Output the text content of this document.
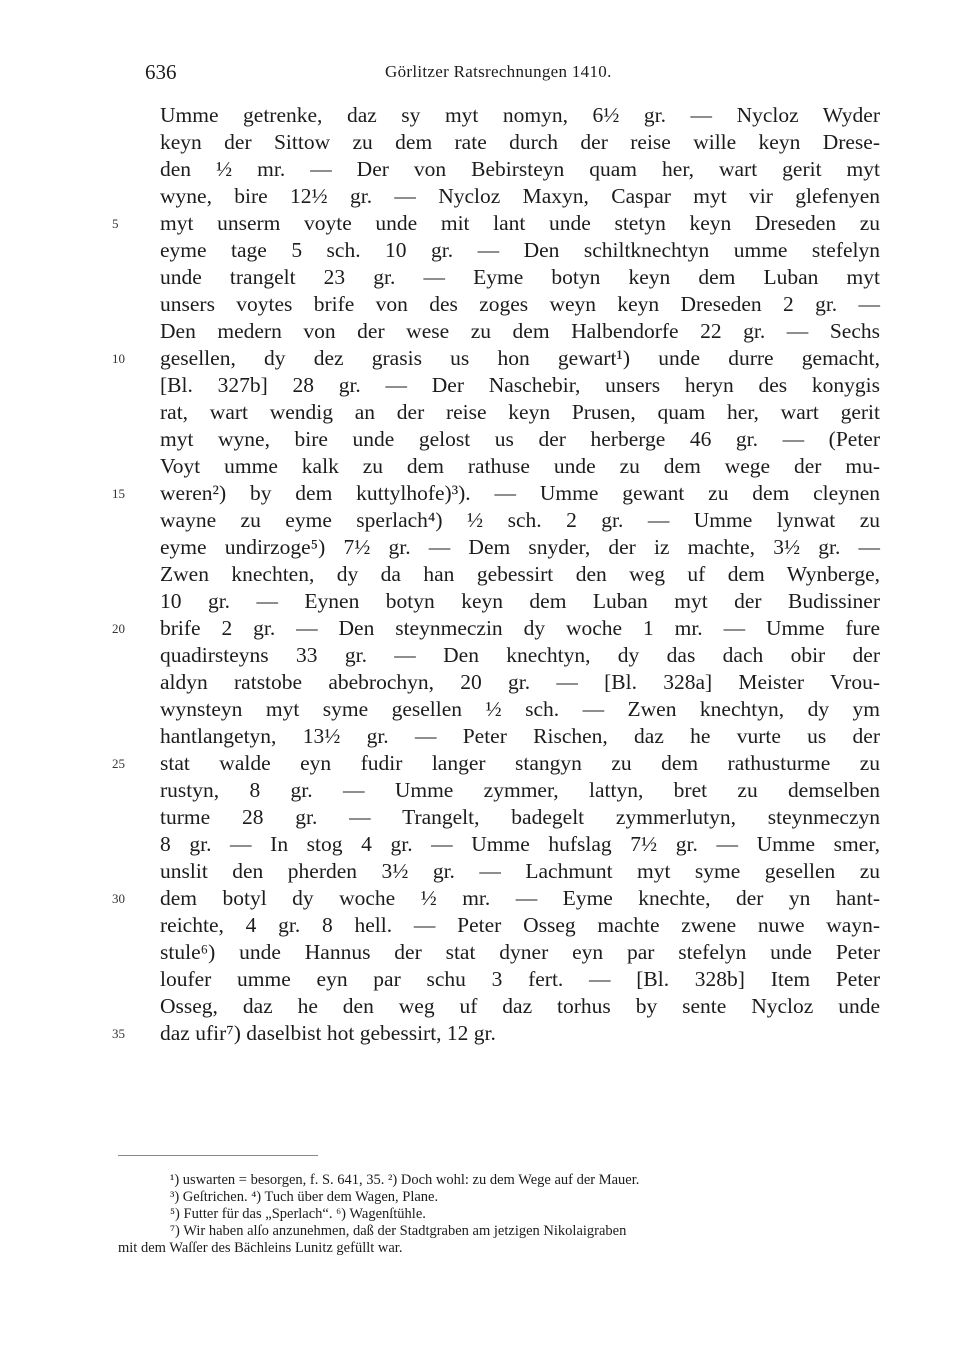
636	Görlitzer Ratsrechnungen 1410.
Umme getrenke, daz sy myt nomyn, 6½ gr. — Nycloz Wyder
keyn der Sittow zu dem rate durch der reise wille keyn Drese-
den ½ mr. — Der von Bebirsteyn quam her, wart gerit myt
wyne, bire 12½ gr. — Nycloz Maxyn, Caspar myt vir glefenyen
5	myt unserm voyte unde mit lant unde stetyn keyn Dreseden zu
eyme tage 5 sch. 10 gr. — Den schiltknechtyn umme stefelyn
unde trangelt 23 gr. — Eyme botyn keyn dem Luban myt
unsers voytes brife von des zoges weyn keyn Dreseden 2 gr. —
Den medern von der wese zu dem Halbendorfe 22 gr. — Sechs
10	gesellen, dy dez grasis us hon gewart¹) unde durre gemacht,
[Bl. 327b] 28 gr. — Der Naschebir, unsers heryn des konygis
rat, wart wendig an der reise keyn Prusen, quam her, wart gerit
myt wyne, bire unde gelost us der herberge 46 gr. — (Peter
Voyt umme kalk zu dem rathuse unde zu dem wege der mu-
15	weren²) by dem kuttylhofe)³). — Umme gewant zu dem cleynen
wayne zu eyme sperlach⁴) ½ sch. 2 gr. — Umme lynwat zu
eyme undirzoge⁵) 7½ gr. — Dem snyder, der iz machte, 3½ gr. —
Zwen knechten, dy da han gebessirt den weg uf dem Wynberge,
10 gr. — Eynen botyn keyn dem Luban myt der Budissiner
20	brife 2 gr. — Den steynmeczin dy woche 1 mr. — Umme fure
quadirsteyns 33 gr. — Den knechtyn, dy das dach obir der
aldyn ratstobe abebrochyn, 20 gr. — [Bl. 328a] Meister Vrou-
wynsteyn myt syme gesellen ½ sch. — Zwen knechtyn, dy ym
hantlangetyn, 13½ gr. — Peter Rischen, daz he vurte us der
25	stat walde eyn fudir langer stangyn zu dem rathusturme zu
rustyn, 8 gr. — Umme zymmer, lattyn, bret zu demselben
turme 28 gr. — Trangelt, badegelt zymmerlutyn, steynmeczyn
8 gr. — In stog 4 gr. — Umme hufslag 7½ gr. — Umme smer,
unslit den pherden 3½ gr. — Lachmunt myt syme gesellen zu
30	dem botyl dy woche ½ mr. — Eyme knechte, der yn hant-
reichte, 4 gr. 8 hell. — Peter Osseg machte zwene nuwe wayn-
stule⁶) unde Hannus der stat dyner eyn par stefelyn unde Peter
loufer umme eyn par schu 3 fert. — [Bl. 328b] Item Peter
Osseg, daz he den weg uf daz torhus by sente Nycloz unde
35	daz ufir⁷) daselbist hot gebessirt, 12 gr.
¹) uswarten = besorgen, f. S. 641, 35. ²) Doch wohl: zu dem Wege auf der Mauer.
³) Geſtrichen. ⁴) Tuch über dem Wagen, Plane.
⁵) Futter für das „Sperlach“. ⁶) Wagenſtühle.
⁷) Wir haben alſo anzunehmen, daß der Stadtgraben am jetzigen Nikolaigraben
mit dem Waſſer des Bächleins Lunitz gefüllt war.
